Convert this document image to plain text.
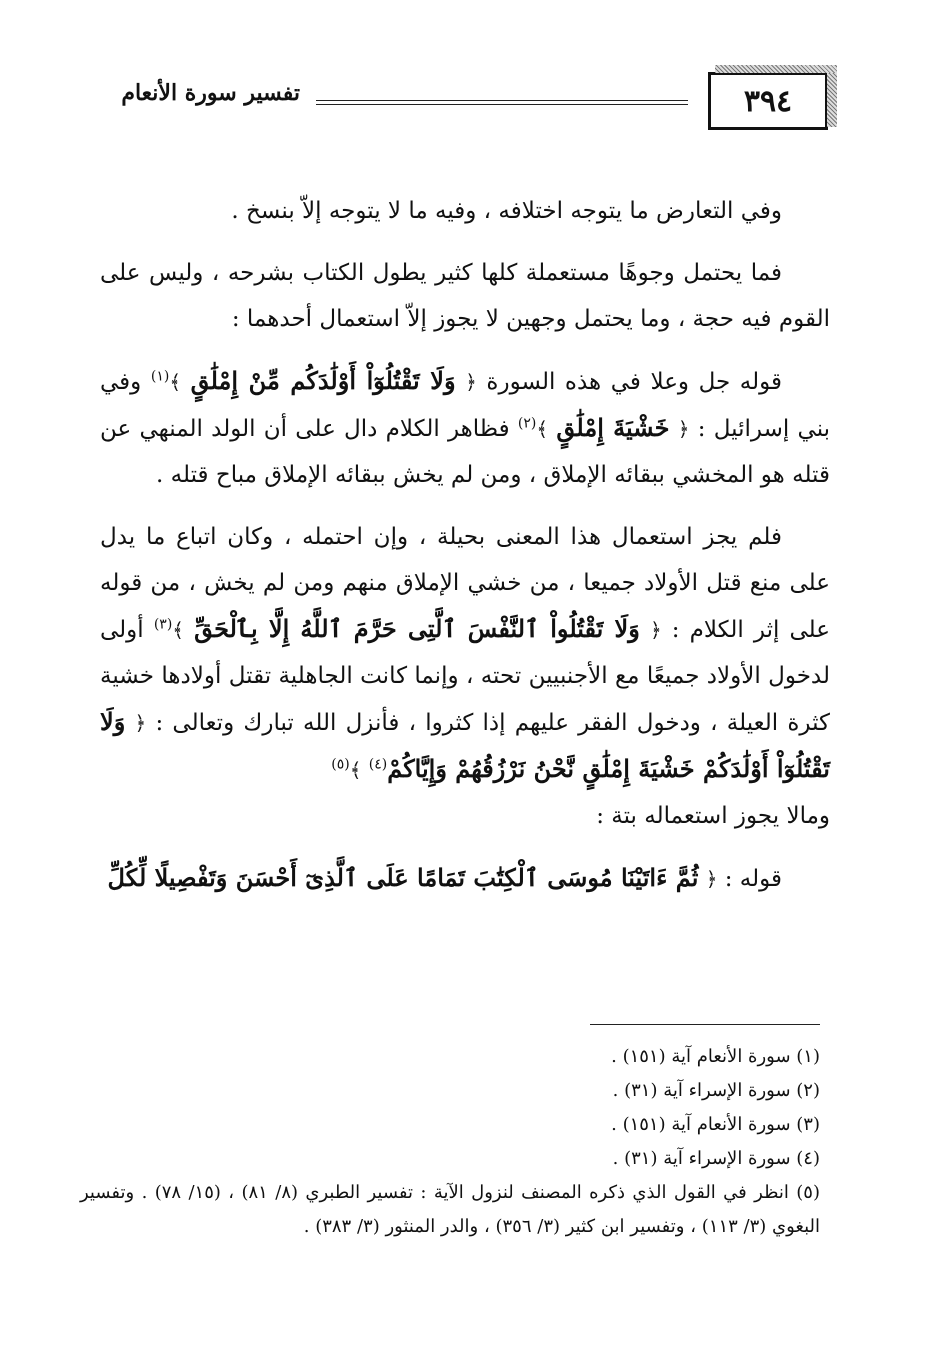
تفسير سورة الأنعام	٣٩٤

وفي التعارض ما يتوجه اختلافه ، وفيه ما لا يتوجه إلاّ بنسخ .

فما يحتمل وجوهًا مستعملة كلها كثير يطول الكتاب بشرحه ، وليس على القوم فيه حجة ، وما يحتمل وجهين لا يجوز إلاّ استعمال أحدهما :

قوله جل وعلا في هذه السورة ﴿ وَلَا تَقْتُلُوٓاْ أَوْلَٰدَكُم مِّنْ إِمْلَٰقٍ ﴾$^{(١)}$ وفي بني إسرائيل : ﴿ خَشْيَةَ إِمْلَٰقٍ ﴾$^{(٢)}$ فظاهر الكلام دال على أن الولد المنهي عن قتله هو المخشي ببقائه الإملاق ، ومن لم يخش ببقائه الإملاق مباح قتله .

فلم يجز استعمال هذا المعنى بحيلة ، وإن احتمله ، وكان اتباع ما يدل على منع قتل الأولاد جميعا ، من خشي الإملاق منهم ومن لم يخش ، من قوله على إثر الكلام : ﴿ وَلَا تَقْتُلُواْ ٱلنَّفْسَ ٱلَّتِى حَرَّمَ ٱللَّهُ إِلَّا بِٱلْحَقِّ ﴾$^{(٣)}$ أولى لدخول الأولاد جميعًا مع الأجنبيين تحته ، وإنما كانت الجاهلية تقتل أولادها خشية كثرة العيلة ، ودخول الفقر عليهم إذا كثروا ، فأنزل الله تبارك وتعالى : ﴿ وَلَا تَقْتُلُوٓاْ أَوْلَٰدَكُمْ خَشْيَةَ إِمْلَٰقٍ نَّحْنُ نَرْزُقُهُمْ وَإِيَّاكُمْ$^{(٤)}$ ﴾$^{(٥)}$
ومالا يجوز استعماله بتة :

قوله : ﴿ ثُمَّ ءَاتَيْنَا مُوسَى ٱلْكِتَٰبَ تَمَامًا عَلَى ٱلَّذِىٓ أَحْسَنَ وَتَفْصِيلًا لِّكُلِّ

(١) سورة الأنعام آية (١٥١) .

(٢) سورة الإسراء آية (٣١) .

(٣) سورة الأنعام آية (١٥١) .

(٤) سورة الإسراء آية (٣١) .

(٥) انظر في القول الذي ذكره المصنف لنزول الآية : تفسير الطبري (٨/ ٨١) ، (١٥/ ٧٨) . وتفسير البغوي (٣/ ١١٣) ، وتفسير ابن كثير (٣/ ٣٥٦) ، والدر المنثور (٣/ ٣٨٣) .
